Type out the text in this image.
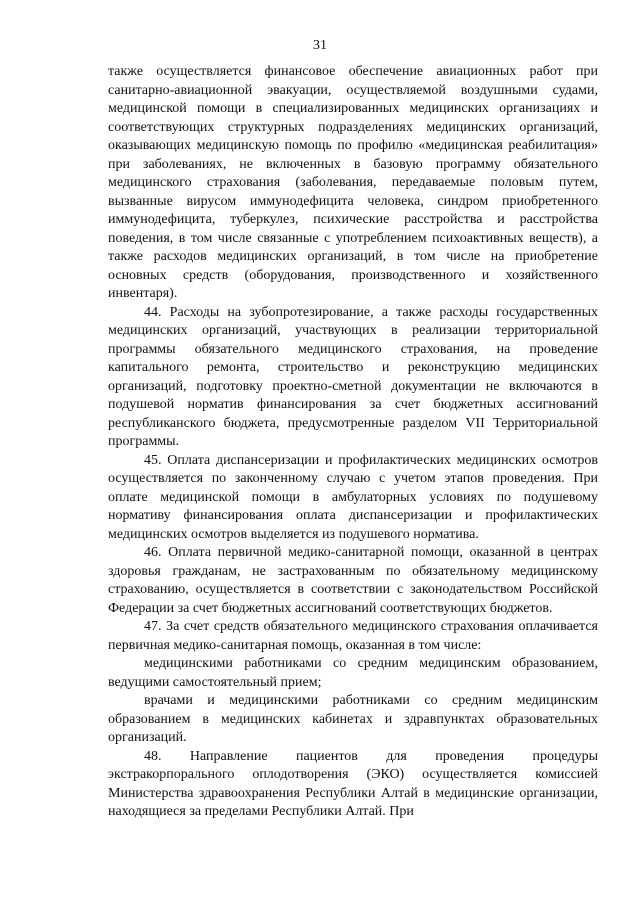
31

также осуществляется финансовое обеспечение авиационных работ при санитарно-авиационной эвакуации, осуществляемой воздушными судами, медицинской помощи в специализированных медицинских организациях и соответствующих структурных подразделениях медицинских организаций, оказывающих медицинскую помощь по профилю «медицинская реабилитация» при заболеваниях, не включенных в базовую программу обязательного медицинского страхования (заболевания, передаваемые половым путем, вызванные вирусом иммунодефицита человека, синдром приобретенного иммунодефицита, туберкулез, психические расстройства и расстройства поведения, в том числе связанные с употреблением психоактивных веществ), а также расходов медицинских организаций, в том числе на приобретение основных средств (оборудования, производственного и хозяйственного инвентаря).

44. Расходы на зубопротезирование, а также расходы государственных медицинских организаций, участвующих в реализации территориальной программы обязательного медицинского страхования, на проведение капитального ремонта, строительство и реконструкцию медицинских организаций, подготовку проектно-сметной документации не включаются в подушевой норматив финансирования за счет бюджетных ассигнований республиканского бюджета, предусмотренные разделом VII Территориальной программы.

45. Оплата диспансеризации и профилактических медицинских осмотров осуществляется по законченному случаю с учетом этапов проведения. При оплате медицинской помощи в амбулаторных условиях по подушевому нормативу финансирования оплата диспансеризации и профилактических медицинских осмотров выделяется из подушевого норматива.

46. Оплата первичной медико-санитарной помощи, оказанной в центрах здоровья гражданам, не застрахованным по обязательному медицинскому страхованию, осуществляется в соответствии с законодательством Российской Федерации за счет бюджетных ассигнований соответствующих бюджетов.

47. За счет средств обязательного медицинского страхования оплачивается первичная медико-санитарная помощь, оказанная в том числе:

медицинскими работниками со средним медицинским образованием, ведущими самостоятельный прием;

врачами и медицинскими работниками со средним медицинским образованием в медицинских кабинетах и здравпунктах образовательных организаций.

48. Направление пациентов для проведения процедуры экстракорпорального оплодотворения (ЭКО) осуществляется комиссией Министерства здравоохранения Республики Алтай в медицинские организации, находящиеся за пределами Республики Алтай. При
